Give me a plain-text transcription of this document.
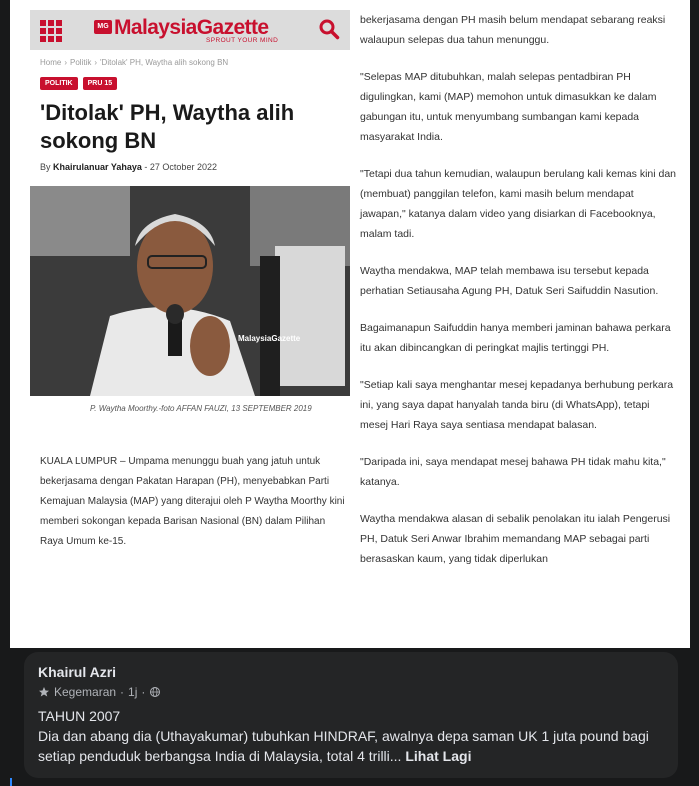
MG MalaysiaGazette
SPROUT YOUR MIND
Home › Politik › 'Ditolak' PH, Waytha alih sokong BN
POLITIK	PRU 15
'Ditolak' PH, Waytha alih sokong BN
By Khairulanuar Yahaya - 27 October 2022
MalaysiaGazette
P. Waytha Moorthy.-foto AFFAN FAUZI, 13 SEPTEMBER 2019

KUALA LUMPUR – Umpama menunggu buah yang jatuh untuk bekerjasama dengan Pakatan Harapan (PH), menyebabkan Parti Kemajuan Malaysia (MAP) yang diterajui oleh P Waytha Moorthy kini memberi sokongan kepada Barisan Nasional (BN) dalam Pilihan Raya Umum ke-15.

bekerjasama dengan PH masih belum mendapat sebarang reaksi walaupun selepas dua tahun menunggu.

"Selepas MAP ditubuhkan, malah selepas pentadbiran PH digulingkan, kami (MAP) memohon untuk dimasukkan ke dalam gabungan itu, untuk menyumbang sumbangan kami kepada masyarakat India.

"Tetapi dua tahun kemudian, walaupun berulang kali kemas kini dan (membuat) panggilan telefon, kami masih belum mendapat jawapan," katanya dalam video yang disiarkan di Facebooknya, malam tadi.

Waytha mendakwa, MAP telah membawa isu tersebut kepada perhatian Setiausaha Agung PH, Datuk Seri Saifuddin Nasution.

Bagaimanapun Saifuddin hanya memberi jaminan bahawa perkara itu akan dibincangkan di peringkat majlis tertinggi PH.

"Setiap kali saya menghantar mesej kepadanya berhubung perkara ini, yang saya dapat hanyalah tanda biru (di WhatsApp), tetapi mesej Hari Raya saya sentiasa mendapat balasan.

"Daripada ini, saya mendapat mesej bahawa PH tidak mahu kita," katanya.

Waytha mendakwa alasan di sebalik penolakan itu ialah Pengerusi PH, Datuk Seri Anwar Ibrahim memandang MAP sebagai parti berasaskan kaum, yang tidak diperlukan

Khairul Azri
Kegemaran · 1j ·
TAHUN 2007
Dia dan abang dia (Uthayakumar) tubuhkan HINDRAF, awalnya depa saman UK 1 juta pound bagi setiap penduduk berbangsa India di Malaysia, total 4 trilli... Lihat Lagi
